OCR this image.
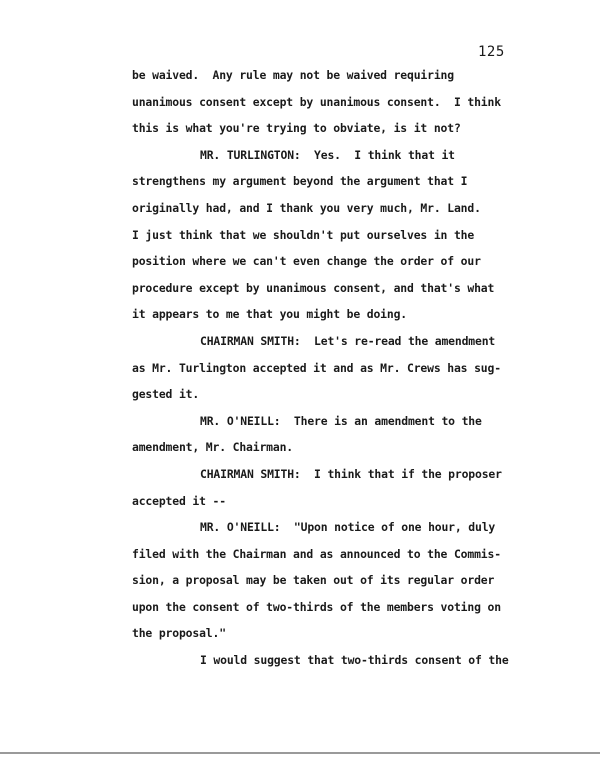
125
be waived.  Any rule may not be waived requiring
unanimous consent except by unanimous consent.  I think
this is what you're trying to obviate, is it not?
MR. TURLINGTON:  Yes.  I think that it
strengthens my argument beyond the argument that I
originally had, and I thank you very much, Mr. Land.
I just think that we shouldn't put ourselves in the
position where we can't even change the order of our
procedure except by unanimous consent, and that's what
it appears to me that you might be doing.
CHAIRMAN SMITH:  Let's re-read the amendment
as Mr. Turlington accepted it and as Mr. Crews has sug-
gested it.
MR. O'NEILL:  There is an amendment to the
amendment, Mr. Chairman.
CHAIRMAN SMITH:  I think that if the proposer
accepted it --
MR. O'NEILL:  "Upon notice of one hour, duly
filed with the Chairman and as announced to the Commis-
sion, a proposal may be taken out of its regular order
upon the consent of two-thirds of the members voting on
the proposal."
I would suggest that two-thirds consent of the
